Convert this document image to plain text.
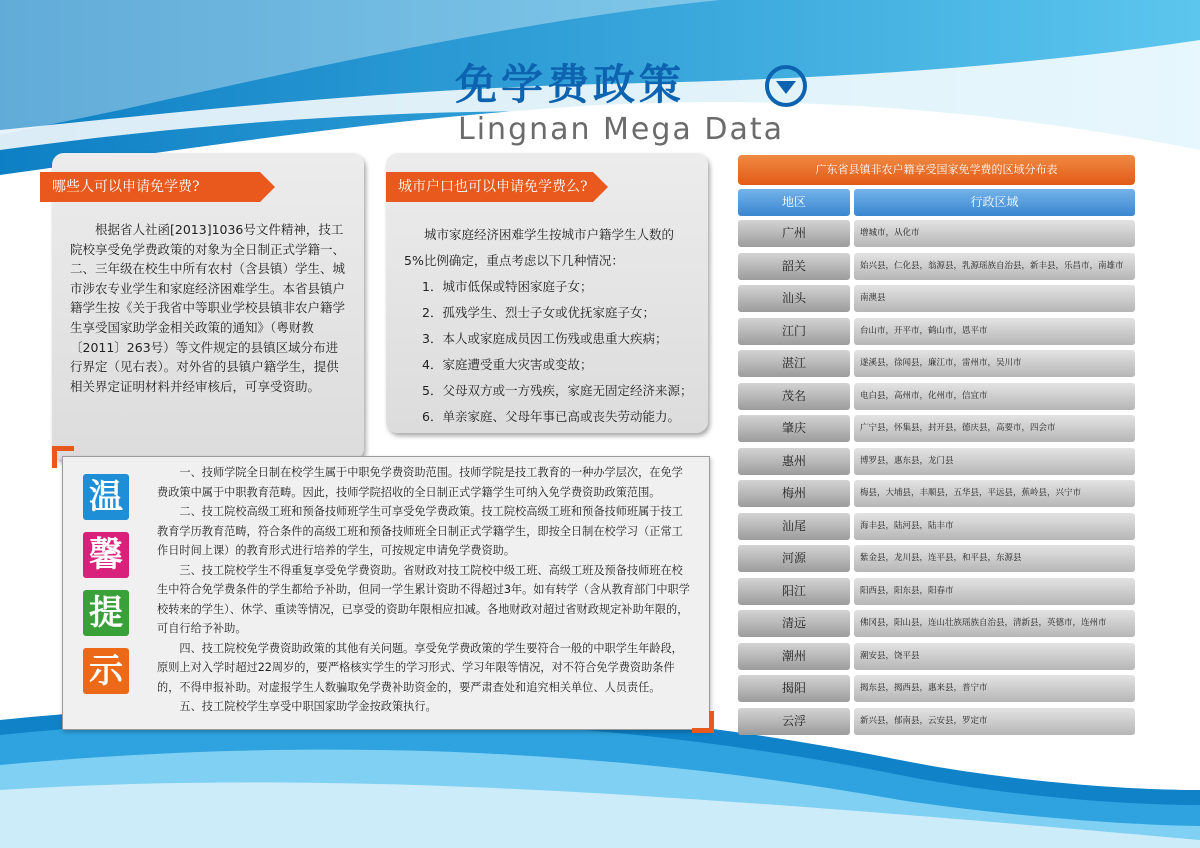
免学费政策
Lingnan Mega Data
哪些人可以申请免学费?

根据省人社函[2013]1036号文件精神，技工院校享受免学费政策的对象为全日制正式学籍一、二、三年级在校生中所有农村（含县镇）学生、城市涉农专业学生和家庭经济困难学生。本省县镇户籍学生按《关于我省中等职业学校县镇非农户籍学生享受国家助学金相关政策的通知》（粤财教〔2011〕263号）等文件规定的县镇区域分布进行界定（见右表）。对外省的县镇户籍学生，提供相关界定证明材料并经审核后，可享受资助。

城市户口也可以申请免学费么?
城市家庭经济困难学生按城市户籍学生人数的
5%比例确定，重点考虑以下几种情况：
1．城市低保或特困家庭子女；
2．孤残学生、烈士子女或优抚家庭子女；
3．本人或家庭成员因工伤残或患重大疾病；
4．家庭遭受重大灾害或变故；
5．父母双方或一方残疾，家庭无固定经济来源；
6．单亲家庭、父母年事已高或丧失劳动能力。
温
馨
提
示
一、技师学院全日制在校学生属于中职免学费资助范围。技师学院是技工教育的一种办学层次，在免学费政策中属于中职教育范畴。因此，技师学院招收的全日制正式学籍学生可纳入免学费资助政策范围。
二、技工院校高级工班和预备技师班学生可享受免学费政策。技工院校高级工班和预备技师班属于技工教育学历教育范畴，符合条件的高级工班和预备技师班全日制正式学籍学生，即按全日制在校学习（正常工作日时间上课）的教育形式进行培养的学生，可按规定申请免学费资助。
三、技工院校学生不得重复享受免学费资助。省财政对技工院校中级工班、高级工班及预备技师班在校生中符合免学费条件的学生都给予补助，但同一学生累计资助不得超过3年。如有转学（含从教育部门中职学校转来的学生）、休学、重读等情况，已享受的资助年限相应扣减。各地财政对超过省财政规定补助年限的，可自行给予补助。
四、技工院校免学费资助政策的其他有关问题。享受免学费政策的学生要符合一般的中职学生年龄段，原则上对入学时超过22周岁的，要严格核实学生的学习形式、学习年限等情况，对不符合免学费资助条件的，不得申报补助。对虚报学生人数骗取免学费补助资金的，要严肃查处和追究相关单位、人员责任。
五、技工院校学生享受中职国家助学金按政策执行。
广东省县镇非农户籍享受国家免学费的区域分布表
地区	行政区域
广州	增城市，从化市
韶关	始兴县，仁化县，翁源县，乳源瑶族自治县，新丰县，乐昌市，南雄市
汕头	南澳县
江门	台山市，开平市，鹤山市，恩平市
湛江	遂溪县，徐闻县，廉江市，雷州市，吴川市
茂名	电白县，高州市，化州市，信宜市
肇庆	广宁县，怀集县，封开县，德庆县，高要市，四会市
惠州	博罗县，惠东县，龙门县
梅州	梅县，大埔县，丰顺县，五华县，平远县，蕉岭县，兴宁市
汕尾	海丰县，陆河县，陆丰市
河源	紫金县，龙川县，连平县，和平县，东源县
阳江	阳西县，阳东县，阳春市
清远	佛冈县，阳山县，连山壮族瑶族自治县，清新县，英德市，连州市
潮州	潮安县，饶平县
揭阳	揭东县，揭西县，惠来县，普宁市
云浮	新兴县，郁南县，云安县，罗定市
